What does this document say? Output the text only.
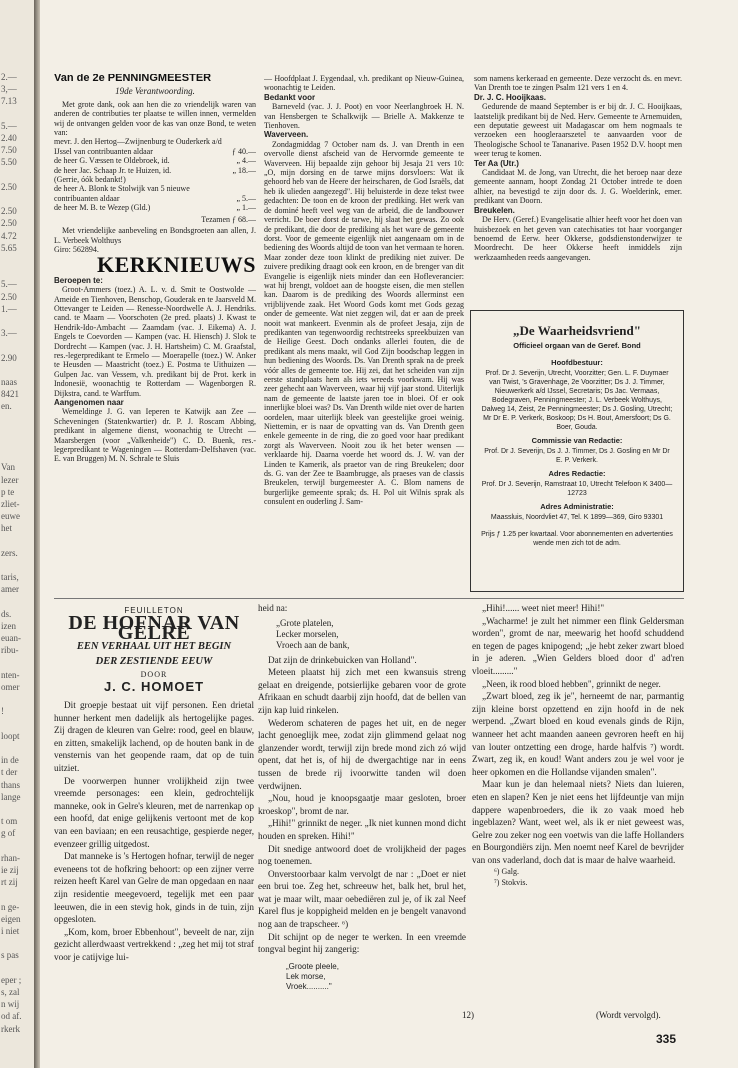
2.—
3,—
7.13
5.—
2.40
7.50
5.50
2.50
2.50
2.50
4.72
5.65
5.—
2.50
1.—
3.—
2.90
naas
8421
en.
Van
lezer
p te
zliet-
euwe
het
zers.
taris,
amer
ds.
izen
euan-
ribu-
nten-
omer
!
loopt
in de
t der
thans
lange
t om
g of
rhan-
ie zij
rt zij
n ge-
eigen
i niet
s pas
eper ;
s, zal
n wij
od af.
rkerk
Van de 2e PENNINGMEESTER
19de Verantwoording.

Met grote dank, ook aan hen die zo vriendelijk waren van anderen de contributies ter plaatse te willen innen, vermelden wij de ontvangen gelden voor de kas van onze Bond, te weten van:

mevr. J. den Hertog—Zwijnenburg te Ouderkerk a/d IJssel van contribuanten aldaar	ƒ 40.—
de heer G. Væssen te Oldebroek, id.	„ 4.—
de heer Jac. Schaap Jr. te Huizen, id.	„ 18.—
(Gerrie, óók bedankt!)
de heer A. Blonk te Stolwijk van 5 nieuwe contribuanten aldaar	„ 5.—
de heer M. B. te Wezep (Gld.)	„ 1.—
Tezamen ƒ 68.—

Met vriendelijke aanbeveling en Bondsgroeten aan allen, J. L. Verbeek Wolthuys

Giro: 562894.

KERKNIEUWS

Beroepen te:

Groot-Ammers (toez.) A. L. v. d. Smit te Oostwolde — Ameide en Tienhoven, Benschop, Gouderak en te Jaarsveld M. Ottevanger te Leiden — Renesse-Noordwelle A. J. Hendriks. cand. te Maarn — Voorschoten (2e pred. plaats) J. Kwast te Hendrik-Ido-Ambacht — Zaamdam (vac. J. Eikema) A. J. Engels te Coevorden — Kampen (vac. H. Hiensch) J. Slok te Dordrecht — Kampen (vac. J. H. Hartsheim) C. M. Graafstal, res.-legerpredikant te Ermelo — Moerapelle (toez.) W. Anker te Heusden — Maastricht (toez.) E. Postma te Uithuizen — Gulpen Jac. van Vessem, v.h. predikant bij de Prot. kerk in Indonesië, woonachtig te Rotterdam — Wagenborgen R. Dijkstra, cand. te Warffum.

Aangenomen naar

Wemeldinge J. G. van Ieperen te Katwijk aan Zee — Scheveningen (Statenkwartier) dr. P. J. Roscam Abbing, predikant in algemene dienst, woonachtig te Utrecht — Maarsbergen (voor „Valkenheide") C. D. Buenk, res.-legerpredikant te Wageningen — Rotterdam-Delfshaven (vac. E. van Bruggen) M. N. Schrale te Sluis

— Hoofdplaat J. Eygendaal, v.h. predikant op Nieuw-Guinea, woonachtig te Leiden.

Bedankt voor

Barneveld (vac. J. J. Poot) en voor Neerlangbroek H. N. van Hensbergen te Schalkwijk — Brielle A. Makkenze te Tienhoven.

Waverveen.

Zondagmiddag 7 October nam ds. J. van Drenth in een overvolle dienst afscheid van de Hervormde gemeente te Waverveen. Hij bepaalde zijn gehoor bij Jesaja 21 vers 10: „O, mijn dorsing en de tarwe mijns dorsvloers: Wat ik gehoord heb van de Heere der heirscharen, de God Israëls, dat heb ik ulieden aangezegd". Hij beluisterde in deze tekst twee gedachten: De toon en de kroon der prediking. Het werk van de dominé heeft veel weg van de arbeid, die de landbouwer verricht. De boer dorst de tarwe, hij slaat het gewas. Zo ook de predikant, die door de prediking als het ware de gemeente dorst. Voor de gemeente eigenlijk niet aangenaam om in de bediening des Woords altijd de toon van het vermaan te horen. Maar zonder deze toon klinkt de prediking niet zuiver. De zuivere prediking draagt ook een kroon, en de brenger van dit Evangelie is eigenlijk niets minder dan een Hofleverancier: wat hij brengt, voldoet aan de hoogste eisen, die men stellen kan. Daarom is de prediking des Woords allerminst een vrijblijvende zaak. Het Woord Gods komt met Gods gezag onder de gemeente. Wat niet zeggen wil, dat er aan de preek nooit wat mankeert. Evenmin als de profeet Jesaja, zijn de predikanten van tegenwoordig rechtstreeks spreekbuizen van de Heilige Geest. Doch ondanks allerlei fouten, die de predikant als mens maakt, wil God Zijn boodschap leggen in hun bediening des Woords. Ds. Van Drenth sprak na de preek vóór alles de gemeente toe. Hij zei, dat het scheiden van zijn eerste standplaats hem als iets wreeds voorkwam. Hij was zeer gehecht aan Waverveen, waar hij vijf jaar stond. Uiterlijk nam de gemeente de laatste jaren toe in bloei. Of er ook innerlijke bloei was? Ds. Van Drenth wilde niet over de harten oordelen, maar uiterlijk bleek van geestelijke groei weinig. Niettemin, er is naar de opvatting van ds. Van Drenth geen enkele gemeente in de ring, die zo goed voor haar predikant zorgt als Waverveen. Nooit zou ik het beter wensen — verklaarde hij. Daarna voerde het woord ds. J. W. van der Linden te Kamerik, als praetor van de ring Breukelen; door ds. G. van der Zee te Baambrugge, als praeses van de classis Breukelen, terwijl burgemeester A. C. Blom namens de burgerlijke gemeente sprak; ds. H. Pol uit Wilnis sprak als consulent en ouderling J. Sam-

som namens kerkeraad en gemeente. Deze verzocht ds. en mevr. Van Drenth toe te zingen Psalm 121 vers 1 en 4.

Dr. J. C. Hooijkaas.

Gedurende de maand September is er bij dr. J. C. Hooijkaas, laatstelijk predikant bij de Ned. Herv. Gemeente te Arnemuiden, een deputatie geweest uit Madagascar om hem nogmaals te verzoeken een hoogleraarszetel te aanvaarden voor de Theologische School te Tananarive. Pasen 1952 D.V. hoopt men weer terug te komen.

Ter Aa (Utr.)

Candidaat M. de Jong, van Utrecht, die het beroep naar deze gemeente aannam, hoopt Zondag 21 October intrede te doen alhier, na bevestigd te zijn door ds. J. G. Woelderink, emer. predikant van Doorn.

Breukelen.

De Herv. (Geref.) Evangelisatie alhier heeft voor het doen van huisbezoek en het geven van catechisaties tot haar voorganger benoemd de Eerw. heer Okkerse, godsdienstonderwijzer te Moordrecht. De heer Okkerse heeft inmiddels zijn werkzaamheden reeds aangevangen.

„De Waarheidsvriend"
Officieel orgaan van de Geref. Bond
Hoofdbestuur:

Prof. Dr J. Severijn, Utrecht, Voorzitter; Gen. L. F. Duymaer van Twist, 's Gravenhage, 2e Voorzitter; Ds J. J. Timmer, Nieuwerkerk a/d IJssel, Secretaris; Ds Jac. Vermaas, Bodegraven, Penningmeester; J. L. Verbeek Wolthuys, Dalweg 14, Zeist, 2e Penningmeester; Ds J. Gosling, Utrecht; Mr Dr E. P. Verkerk, Boskoop; Ds H. Bout, Amersfoort; Ds G. Boer, Gouda.

Commissie van Redactie:

Prof. Dr J. Severijn, Ds J. J. Timmer, Ds J. Gosling en Mr Dr E. P. Verkerk.

Adres Redactie:

Prof. Dr J. Severijn, Ramstraat 10, Utrecht Telefoon K 3400—12723

Adres Administratie:

Maassluis, Noordvliet 47, Tel. K 1899—369, Giro 93301

Prijs ƒ 1.25 per kwartaal. Voor abonnementen en advertenties wende men zich tot de adm.

FEUILLETON
DE HOFNAR VAN GELRE
EEN VERHAAL UIT HET BEGIN
DER ZESTIENDE EEUW
DOOR
J. C. HOMOET

Dit groepje bestaat uit vijf personen. Een drietal hunner herkent men dadelijk als hertogelijke pages. Zij dragen de kleuren van Gelre: rood, geel en blauw, en zitten, smakelijk lachend, op de houten bank in de vensternis van het geopende raam, dat op de tuin uitziet.

De voorwerpen hunner vrolijkheid zijn twee vreemde personages: een klein, gedrochtelijk manneke, ook in Gelre's kleuren, met de narrenkap op een hoofd, dat enige gelijkenis vertoont met de kop van een baviaan; en een reusachtige, gespierde neger, evenzeer grillig uitgedost.

Dat manneke is 's Hertogen hofnar, terwijl de neger eveneens tot de hofkring behoort: op een zijner verre reizen heeft Karel van Gelre de man opgedaan en naar zijn residentie meegevoerd, tegelijk met een paar leeuwen, die in een stevig hok, ginds in de tuin, zijn opgesloten.

„Kom, kom, broer Ebbenhout", beveelt de nar, zijn gezicht allerdwaast vertrekkend : „zeg het mij tot straf voor je catijvige lui-

heid na:

„Grote platelen,
Lecker morselen,
Vroech aan de bank,

Dat zijn de drinkebuicken van Holland".

Meteen plaatst hij zich met een kwansuis streng gelaat en dreigende, potsierlijke gebaren voor de grote Afrikaan en schudt daarbij zijn hoofd, dat de bellen van zijn kap luid rinkelen.

Wederom schateren de pages het uit, en de neger lacht genoeglijk mee, zodat zijn glimmend gelaat nog glanzender wordt, terwijl zijn brede mond zich zó wijd opent, dat het is, of hij de dwergachtige nar in eens tussen de brede rij ivoorwitte tanden wil doen verdwijnen.

„Nou, houd je knoopsgaatje maar gesloten, broer kroeskop", bromt de nar.

„Hihi!" grinnikt de neger. „Ik niet kunnen mond dicht houden en spreken. Hihi!"

Dit snedige antwoord doet de vrolijkheid der pages nog toenemen.

Onverstoorbaar kalm vervolgt de nar : „Doet er niet een brui toe. Zeg het, schreeuw het, balk het, brul het, wat je maar wilt, maar oebediëren zul je, of ik zal Neef Karel flus je koppigheid melden en je bengelt vanavond nog aan de trapscheer. ⁶)

Dit schijnt op de neger te werken. In een vreemde tongval begint hij zangerig:

„Groote pleele,
Lek morse,
Vroek.........."

„Hihi!...... weet niet meer! Hihi!"

„Wacharme! je zult het nimmer een flink Geldersman worden", gromt de nar, meewarig het hoofd schuddend en tegen de pages knipogend; „je hebt zeker zwart bloed in je aderen. „Wien Gelders bloed door d' ad'ren vloeit........."

„Neen, ik rood bloed hebben", grinnikt de neger.

„Zwart bloed, zeg ik je", herneemt de nar, parmantig zijn kleine borst opzettend en zijn hoofd in de nek werpend. „Zwart bloed en koud evenals ginds de Rijn, wanneer het acht maanden aaneen gevroren heeft en hij van louter ontzetting een droge, harde halfvis ⁷) wordt. Zwart, zeg ik, en koud! Want anders zou je wel voor je heer opkomen en die Hollandse vijanden smalen".

Maar kun je dan helemaal niets? Niets dan luieren, eten en slapen? Ken je niet eens het lijfdeuntje van mijn dappere wapenbroeders, die ik zo vaak moed heb ingeblazen? Want, weet wel, als ik er niet geweest was, Gelre zou zeker nog een voetwis van die laffe Hollanders en Bourgondiërs zijn. Men noemt neef Karel de bevrijder van ons vaderland, doch dat is maar de halve waarheid.

⁶) Galg.
⁷) Stokvis.
12)	(Wordt vervolgd).
335
